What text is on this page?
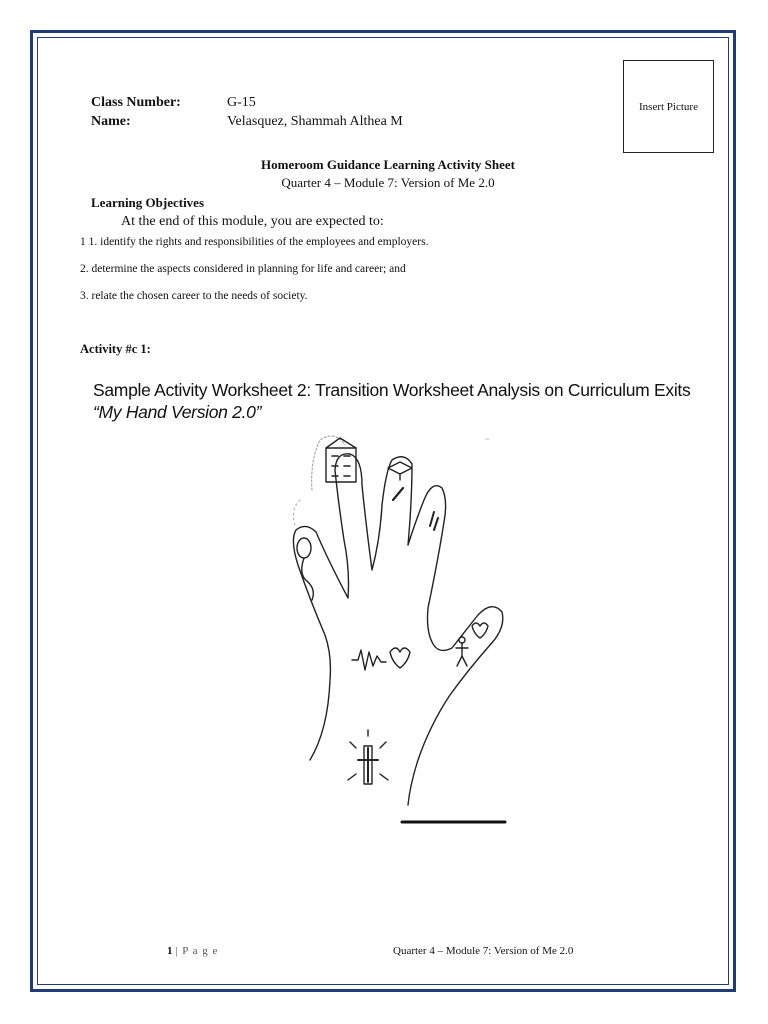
Class Number:	G-15
Name:	Velasquez, Shammah Althea M
Insert Picture
Homeroom Guidance Learning Activity Sheet
Quarter 4 – Module 7: Version of Me 2.0
Learning Objectives
At the end of this module, you are expected to:
1 1. identify the rights and responsibilities of the employees and employers.
2. determine the aspects considered in planning for life and career; and
3. relate the chosen career to the needs of society.
Activity #c 1:
Sample Activity Worksheet 2: Transition Worksheet Analysis on Curriculum Exits
“My Hand Version 2.0”
~
1 | P a g e	Quarter 4 – Module 7: Version of Me 2.0
